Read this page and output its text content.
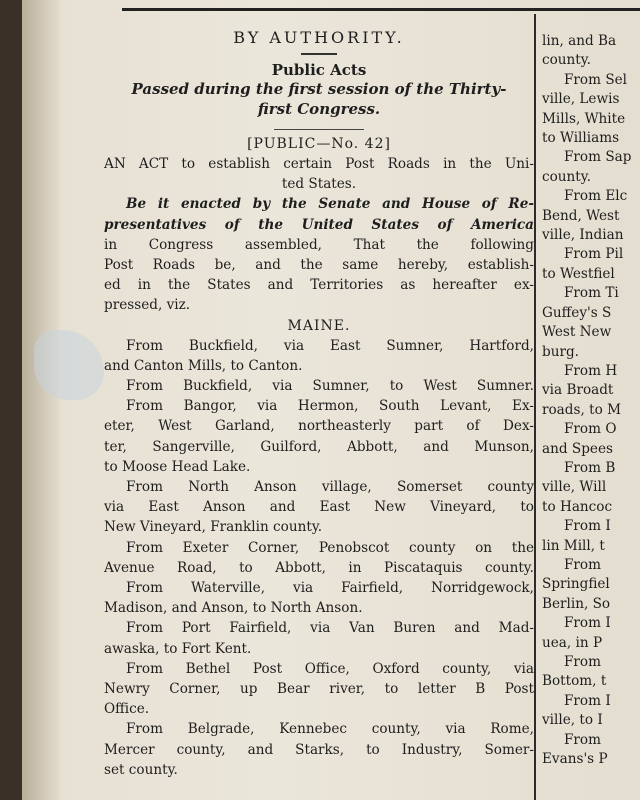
BY AUTHORITY.
Public Acts
Passed during the first session of the Thirty-
first Congress.
[PUBLIC—No. 42]
AN ACT to establish certain Post Roads in the Uni-
ted States.
Be it enacted by the Senate and House of Re-
presentatives of the United States of America
in Congress assembled, That the following
Post Roads be, and the same hereby, establish-
ed in the States and Territories as hereafter ex-
pressed, viz.
MAINE.
From Buckfield, via East Sumner, Hartford,
and Canton Mills, to Canton.
From Buckfield, via Sumner, to West Sumner.
From Bangor, via Hermon, South Levant, Ex-
eter, West Garland, northeasterly part of Dex-
ter, Sangerville, Guilford, Abbott, and Munson,
to Moose Head Lake.
From North Anson village, Somerset county
via East Anson and East New Vineyard, to
New Vineyard, Franklin county.
From Exeter Corner, Penobscot county on the
Avenue Road, to Abbott, in Piscataquis county.
From Waterville, via Fairfield, Norridgewock,
Madison, and Anson, to North Anson.
From Port Fairfield, via Van Buren and Mad-
awaska, to Fort Kent.
From Bethel Post Office, Oxford county, via
Newry Corner, up Bear river, to letter B Post
Office.
From Belgrade, Kennebec county, via Rome,
Mercer county, and Starks, to Industry, Somer-
set county.
lin, and Ba
county.
From Sel
ville, Lewis
Mills, White
to Williams
From Sap
county.
From Elc
Bend, West
ville, Indian
From Pil
to Westfiel
From Ti
Guffey's S
West New
burg.
From H
via Broadt
roads, to M
From O
and Spees
From B
ville, Will
to Hancoc
From I
lin Mill, t
From
Springfiel
Berlin, So
From I
uea, in P
From
Bottom, t
From I
ville, to I
From
Evans's P
